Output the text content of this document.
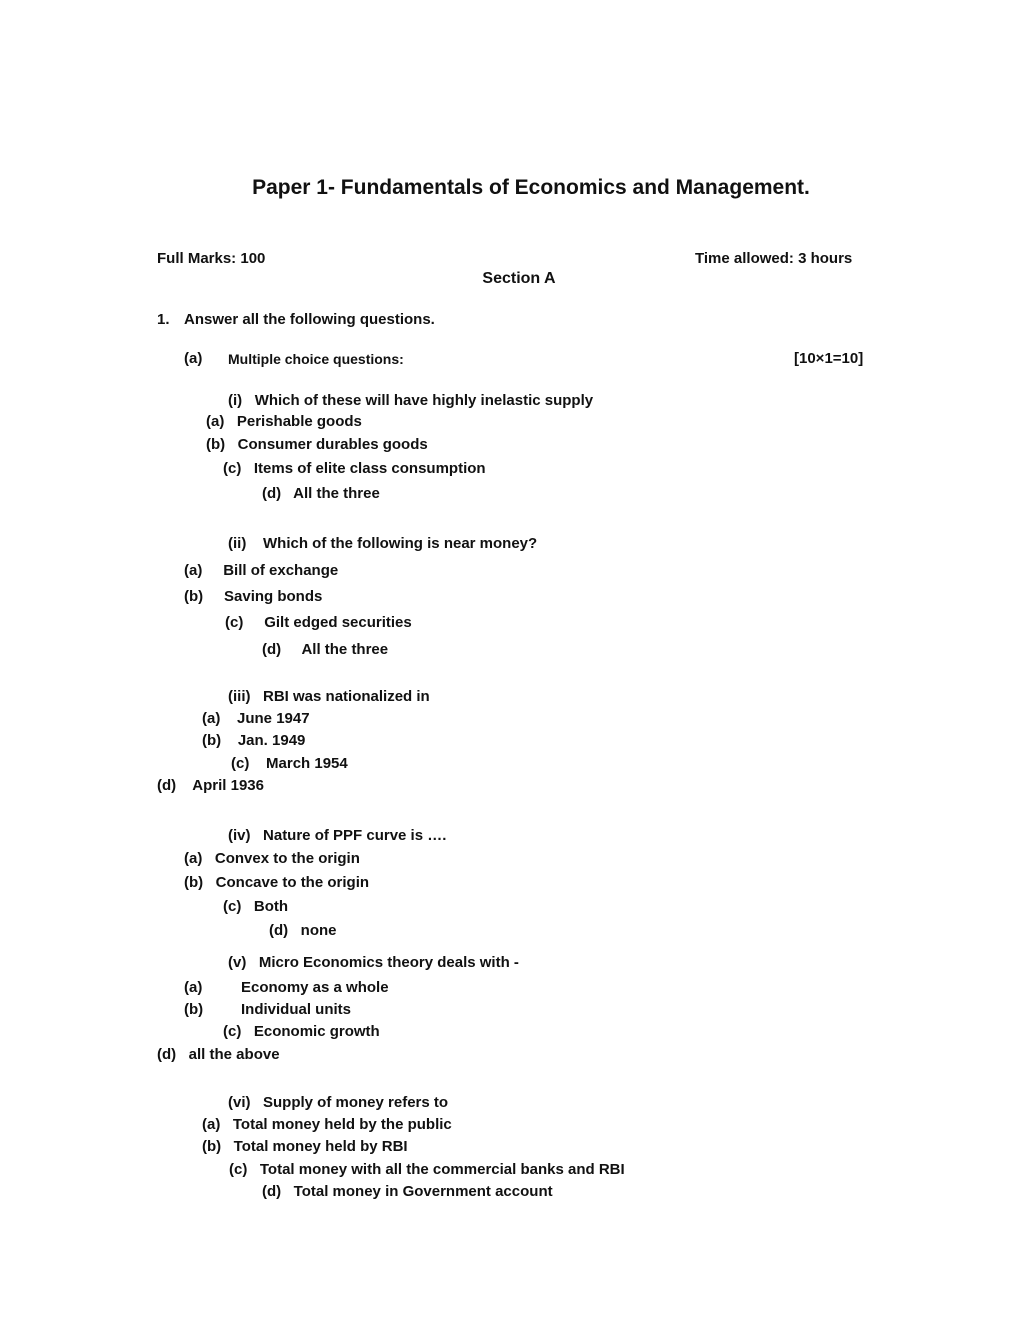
Paper 1- Fundamentals of Economics and Management.
Full Marks: 100	Time allowed: 3 hours
Section A
1. Answer all the following questions.
(a) Multiple choice questions:	[10×1=10]
(i) Which of these will have highly inelastic supply
(a) Perishable goods
(b) Consumer durables goods
(c) Items of elite class consumption
(d) All the three
(ii) Which of the following is near money?
(a) Bill of exchange
(b) Saving bonds
(c) Gilt edged securities
(d) All the three
(iii) RBI was nationalized in
(a) June 1947
(b) Jan. 1949
(c) March 1954
(d) April 1936
(iv) Nature of PPF curve is ….
(a) Convex to the origin
(b) Concave to the origin
(c) Both
(d) none
(v) Micro Economics theory deals with -
(a)	Economy as a whole
(b)	Individual units
(c) Economic growth
(d) all the above
(vi) Supply of money refers to
(a) Total money held by the public
(b) Total money held by RBI
(c) Total money with all the commercial banks and RBI
(d) Total money in Government account
